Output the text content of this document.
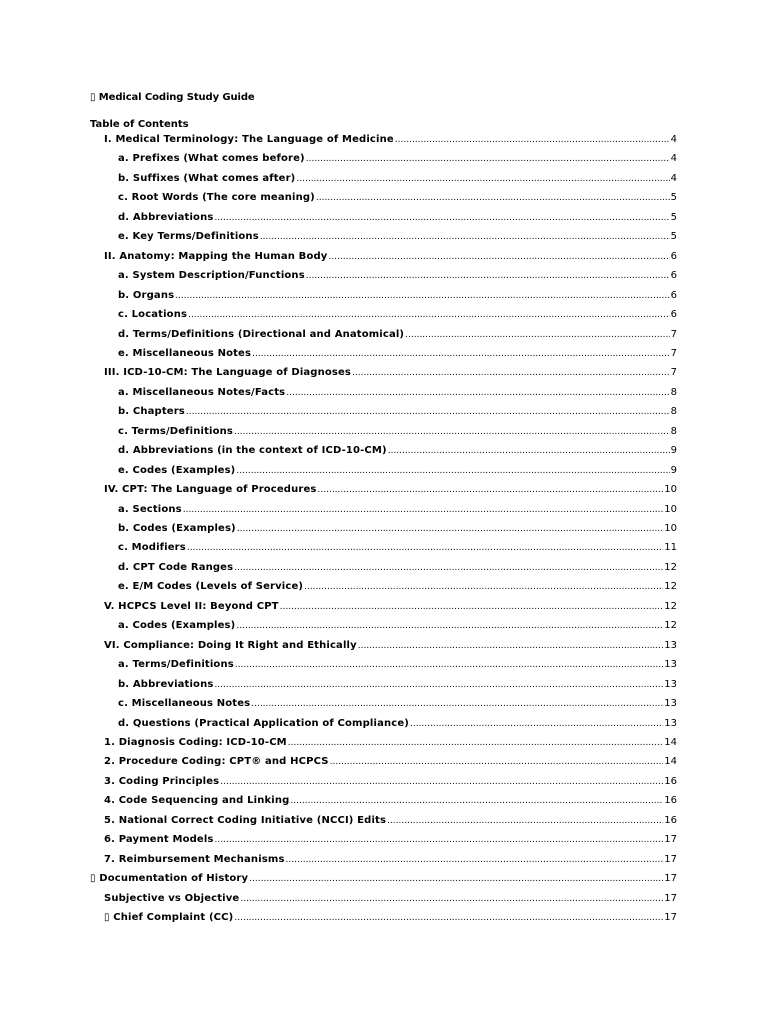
▯ Medical Coding Study Guide
Table of Contents
I. Medical Terminology: The Language of Medicine .....	4
a. Prefixes (What comes before) .....	4
b. Suffixes (What comes after) .....	4
c. Root Words (The core meaning) .....	5
d. Abbreviations .....	5
e. Key Terms/Definitions .....	5
II. Anatomy: Mapping the Human Body .....	6
a. System Description/Functions .....	6
b. Organs .....	6
c. Locations .....	6
d. Terms/Definitions (Directional and Anatomical) .....	7
e. Miscellaneous Notes .....	7
III. ICD-10-CM: The Language of Diagnoses .....	7
a. Miscellaneous Notes/Facts .....	8
b. Chapters .....	8
c. Terms/Definitions .....	8
d. Abbreviations (in the context of ICD-10-CM) .....	9
e. Codes (Examples) .....	9
IV. CPT: The Language of Procedures .....	10
a. Sections .....	10
b. Codes (Examples) .....	10
c. Modifiers .....	11
d. CPT Code Ranges .....	12
e. E/M Codes (Levels of Service) .....	12
V. HCPCS Level II: Beyond CPT .....	12
a. Codes (Examples) .....	12
VI. Compliance: Doing It Right and Ethically .....	13
a. Terms/Definitions .....	13
b. Abbreviations .....	13
c. Miscellaneous Notes .....	13
d. Questions (Practical Application of Compliance) .....	13
1. Diagnosis Coding: ICD-10-CM .....	14
2. Procedure Coding: CPT® and HCPCS .....	14
3. Coding Principles .....	16
4. Code Sequencing and Linking .....	16
5. National Correct Coding Initiative (NCCI) Edits .....	16
6. Payment Models .....	17
7. Reimbursement Mechanisms .....	17
▯ Documentation of History .....	17
Subjective vs Objective .....	17
▯ Chief Complaint (CC) .....	17
